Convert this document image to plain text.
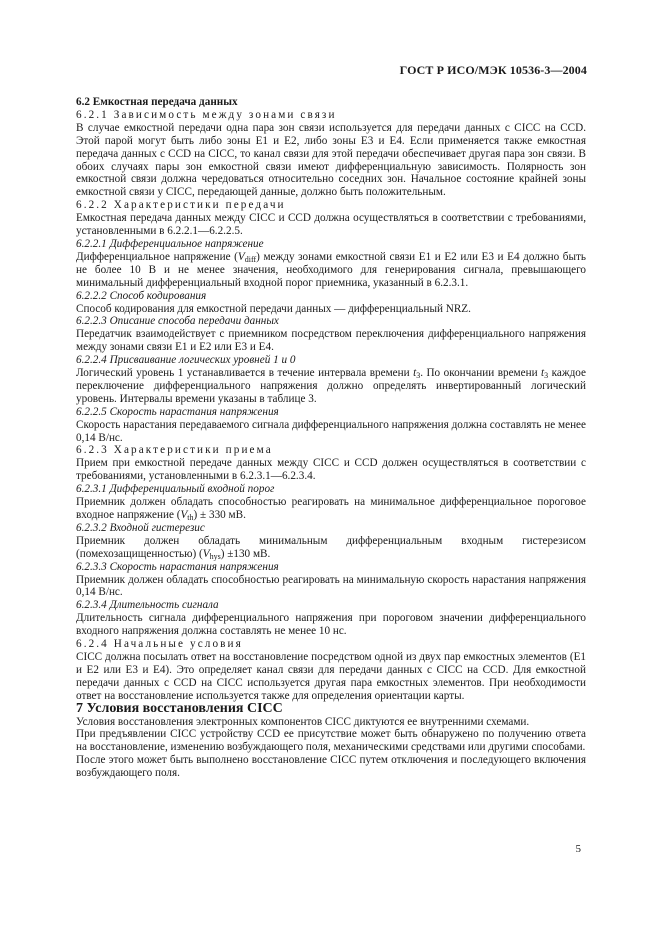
ГОСТ Р ИСО/МЭК 10536-3—2004

6.2 Емкостная передача данных

6.2.1 Зависимость между зонами связи

В случае емкостной передачи одна пара зон связи используется для передачи данных с CICC на CCD. Этой парой могут быть либо зоны E1 и E2, либо зоны E3 и E4. Если применяется также емкостная передача данных с CCD на CICC, то канал связи для этой передачи обеспечивает другая пара зон связи. В обоих случаях пары зон емкостной связи имеют дифференциальную зависимость. Полярность зон емкостной связи должна чередоваться относительно соседних зон. Начальное состояние крайней зоны емкостной связи у CICC, передающей данные, должно быть положительным.

6.2.2 Характеристики передачи

Емкостная передача данных между CICC и CCD должна осуществляться в соответствии с требованиями, установленными в 6.2.2.1—6.2.2.5.

6.2.2.1 Дифференциальное напряжение

Дифференциальное напряжение $(V_{diff})$ между зонами емкостной связи E1 и E2 или E3 и E4 должно быть не более 10 В и не менее значения, необходимого для генерирования сигнала, превышающего минимальный дифференциальный входной порог приемника, указанный в 6.2.3.1.

6.2.2.2 Способ кодирования

Способ кодирования для емкостной передачи данных — дифференциальный NRZ.

6.2.2.3 Описание способа передачи данных

Передатчик взаимодействует с приемником посредством переключения дифференциального напряжения между зонами связи E1 и E2 или E3 и E4.

6.2.2.4 Присваивание логических уровней 1 и 0

Логический уровень 1 устанавливается в течение интервала времени $t_3$. По окончании времени $t_3$ каждое переключение дифференциального напряжения должно определять инвертированный логический уровень. Интервалы времени указаны в таблице 3.

6.2.2.5 Скорость нарастания напряжения

Скорость нарастания передаваемого сигнала дифференциального напряжения должна составлять не менее 0,14 В/нс.

6.2.3 Характеристики приема

Прием при емкостной передаче данных между CICC и CCD должен осуществляться в соответствии с требованиями, установленными в 6.2.3.1—6.2.3.4.

6.2.3.1 Дифференциальный входной порог

Приемник должен обладать способностью реагировать на минимальное дифференциальное пороговое входное напряжение $(V_{th}) \pm 330$ мВ.

6.2.3.2 Входной гистерезис

Приемник должен обладать минимальным дифференциальным входным гистерезисом (помехозащищенностью) $(V_{hys}) \pm 130$ мВ.

6.2.3.3 Скорость нарастания напряжения

Приемник должен обладать способностью реагировать на минимальную скорость нарастания напряжения 0,14 В/нс.

6.2.3.4 Длительность сигнала

Длительность сигнала дифференциального напряжения при пороговом значении дифференциального входного напряжения должна составлять не менее 10 нс.

6.2.4 Начальные условия

CICC должна посылать ответ на восстановление посредством одной из двух пар емкостных элементов (E1 и E2 или E3 и E4). Это определяет канал связи для передачи данных с CICC на CCD. Для емкостной передачи данных с CCD на CICC используется другая пара емкостных элементов. При необходимости ответ на восстановление используется также для определения ориентации карты.

7 Условия восстановления CICC

Условия восстановления электронных компонентов CICC диктуются ее внутренними схемами.

При предъявлении CICC устройству CCD ее присутствие может быть обнаружено по получению ответа на восстановление, изменению возбуждающего поля, механическими средствами или другими способами.

После этого может быть выполнено восстановление CICC путем отключения и последующего включения возбуждающего поля.

5
